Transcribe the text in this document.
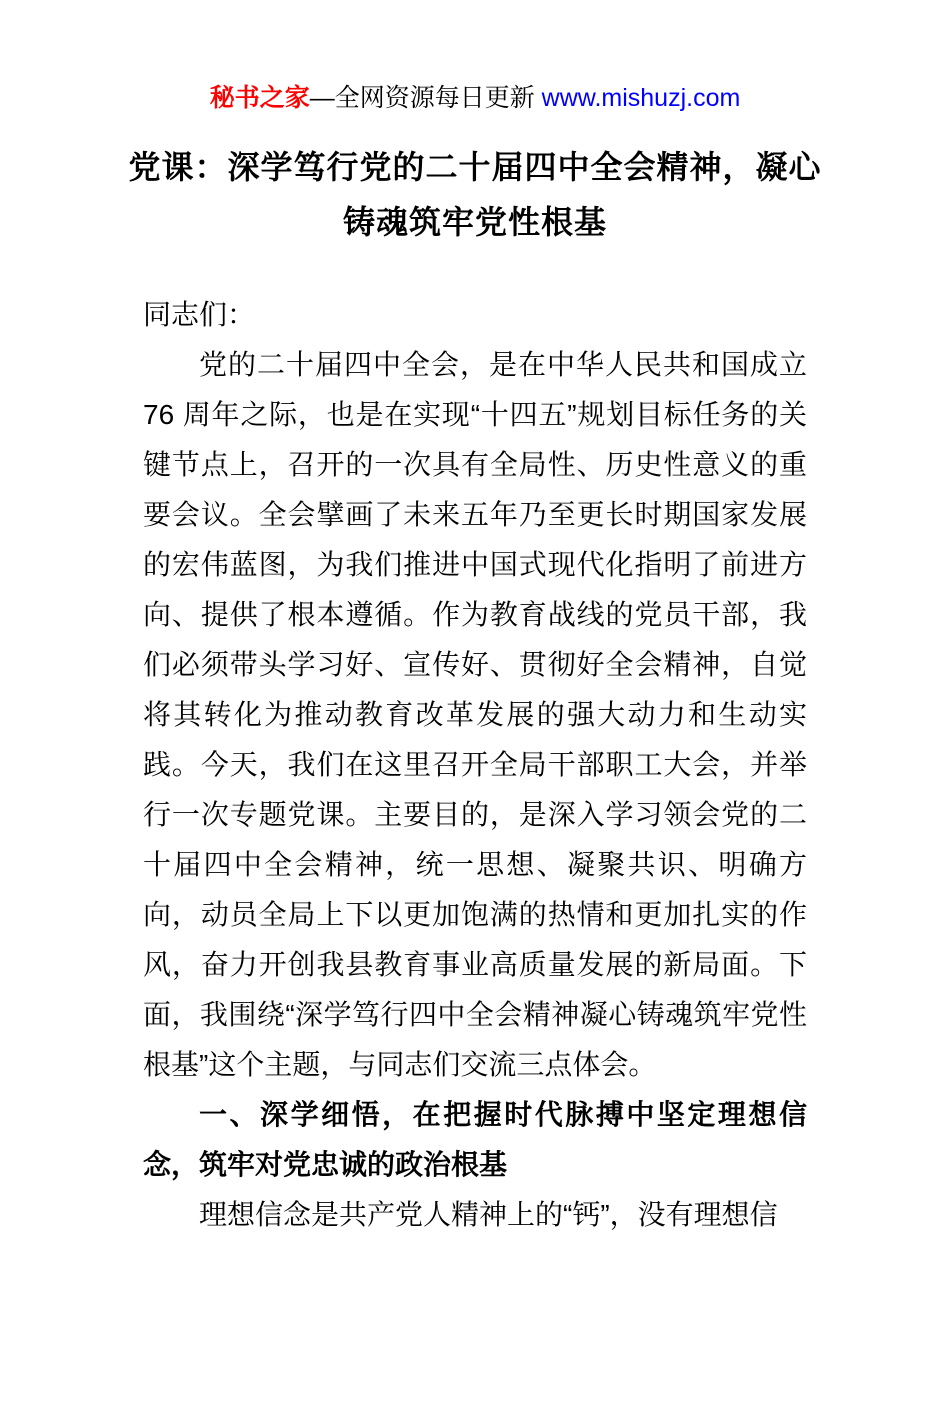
秘书之家—全网资源每日更新 www.mishuzj.com
党课：深学笃行党的二十届四中全会精神，凝心铸魂筑牢党性根基

同志们：

党的二十届四中全会，是在中华人民共和国成立 76 周年之际，也是在实现“十四五”规划目标任务的关键节点上，召开的一次具有全局性、历史性意义的重要会议。全会擘画了未来五年乃至更长时期国家发展的宏伟蓝图，为我们推进中国式现代化指明了前进方向、提供了根本遵循。作为教育战线的党员干部，我们必须带头学习好、宣传好、贯彻好全会精神，自觉将其转化为推动教育改革发展的强大动力和生动实践。今天，我们在这里召开全局干部职工大会，并举行一次专题党课。主要目的，是深入学习领会党的二十届四中全会精神，统一思想、凝聚共识、明确方向，动员全局上下以更加饱满的热情和更加扎实的作风，奋力开创我县教育事业高质量发展的新局面。下面，我围绕“深学笃行四中全会精神凝心铸魂筑牢党性根基”这个主题，与同志们交流三点体会。

一、深学细悟，在把握时代脉搏中坚定理想信念，筑牢对党忠诚的政治根基

理想信念是共产党人精神上的“钙”，没有理想信
